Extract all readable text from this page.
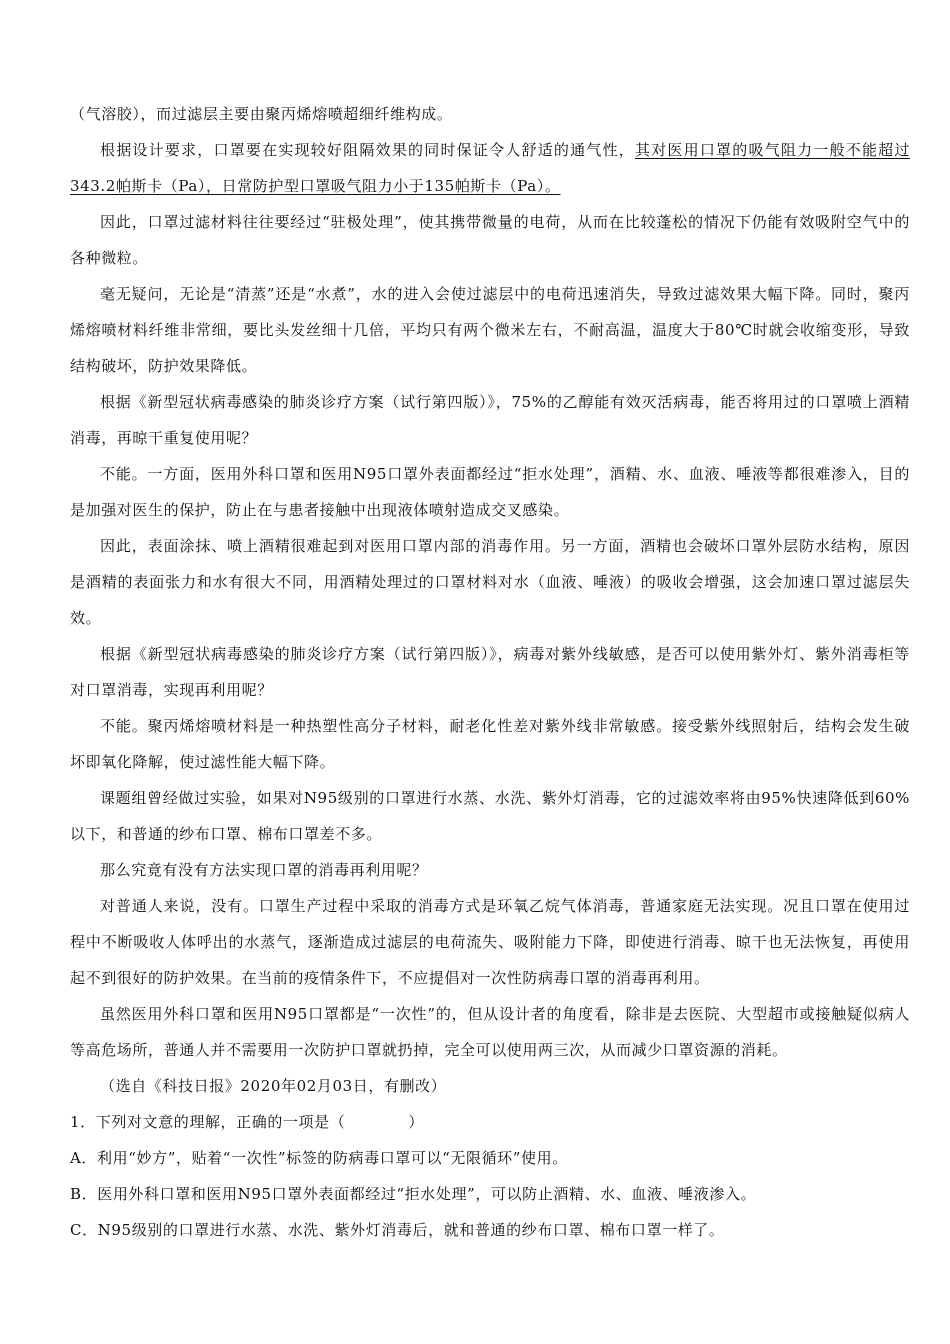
（气溶胶），而过滤层主要由聚丙烯熔喷超细纤维构成。

根据设计要求，口罩要在实现较好阻隔效果的同时保证令人舒适的通气性，其对医用口罩的吸气阻力一般不能超过343.2帕斯卡（Pa），日常防护型口罩吸气阻力小于135帕斯卡（Pa）。

因此，口罩过滤材料往往要经过“驻极处理”，使其携带微量的电荷，从而在比较蓬松的情况下仍能有效吸附空气中的各种微粒。

毫无疑问，无论是“清蒸”还是“水煮”，水的进入会使过滤层中的电荷迅速消失，导致过滤效果大幅下降。同时，聚丙烯熔喷材料纤维非常细，要比头发丝细十几倍，平均只有两个微米左右，不耐高温，温度大于80℃时就会收缩变形，导致结构破坏，防护效果降低。

根据《新型冠状病毒感染的肺炎诊疗方案（试行第四版）》，75%的乙醇能有效灭活病毒，能否将用过的口罩喷上酒精消毒，再晾干重复使用呢？

不能。一方面，医用外科口罩和医用N95口罩外表面都经过“拒水处理”，酒精、水、血液、唾液等都很难渗入，目的是加强对医生的保护，防止在与患者接触中出现液体喷射造成交叉感染。

因此，表面涂抹、喷上酒精很难起到对医用口罩内部的消毒作用。另一方面，酒精也会破坏口罩外层防水结构，原因是酒精的表面张力和水有很大不同，用酒精处理过的口罩材料对水（血液、唾液）的吸收会增强，这会加速口罩过滤层失效。

根据《新型冠状病毒感染的肺炎诊疗方案（试行第四版）》，病毒对紫外线敏感，是否可以使用紫外灯、紫外消毒柜等对口罩消毒，实现再利用呢？

不能。聚丙烯熔喷材料是一种热塑性高分子材料，耐老化性差对紫外线非常敏感。接受紫外线照射后，结构会发生破坏即氧化降解，使过滤性能大幅下降。

课题组曾经做过实验，如果对N95级别的口罩进行水蒸、水洗、紫外灯消毒，它的过滤效率将由95%快速降低到60%以下，和普通的纱布口罩、棉布口罩差不多。

那么究竟有没有方法实现口罩的消毒再利用呢？

对普通人来说，没有。口罩生产过程中采取的消毒方式是环氧乙烷气体消毒，普通家庭无法实现。况且口罩在使用过程中不断吸收人体呼出的水蒸气，逐渐造成过滤层的电荷流失、吸附能力下降，即使进行消毒、晾干也无法恢复，再使用起不到很好的防护效果。在当前的疫情条件下，不应提倡对一次性防病毒口罩的消毒再利用。

虽然医用外科口罩和医用N95口罩都是“一次性”的，但从设计者的角度看，除非是去医院、大型超市或接触疑似病人等高危场所，普通人并不需要用一次防护口罩就扔掉，完全可以使用两三次，从而减少口罩资源的消耗。

（选自《科技日报》2020年02月03日，有删改）

1．下列对文意的理解，正确的一项是（	）

A．利用“妙方”，贴着“一次性”标签的防病毒口罩可以“无限循环”使用。

B．医用外科口罩和医用N95口罩外表面都经过“拒水处理”，可以防止酒精、水、血液、唾液渗入。

C．N95级别的口罩进行水蒸、水洗、紫外灯消毒后，就和普通的纱布口罩、棉布口罩一样了。
